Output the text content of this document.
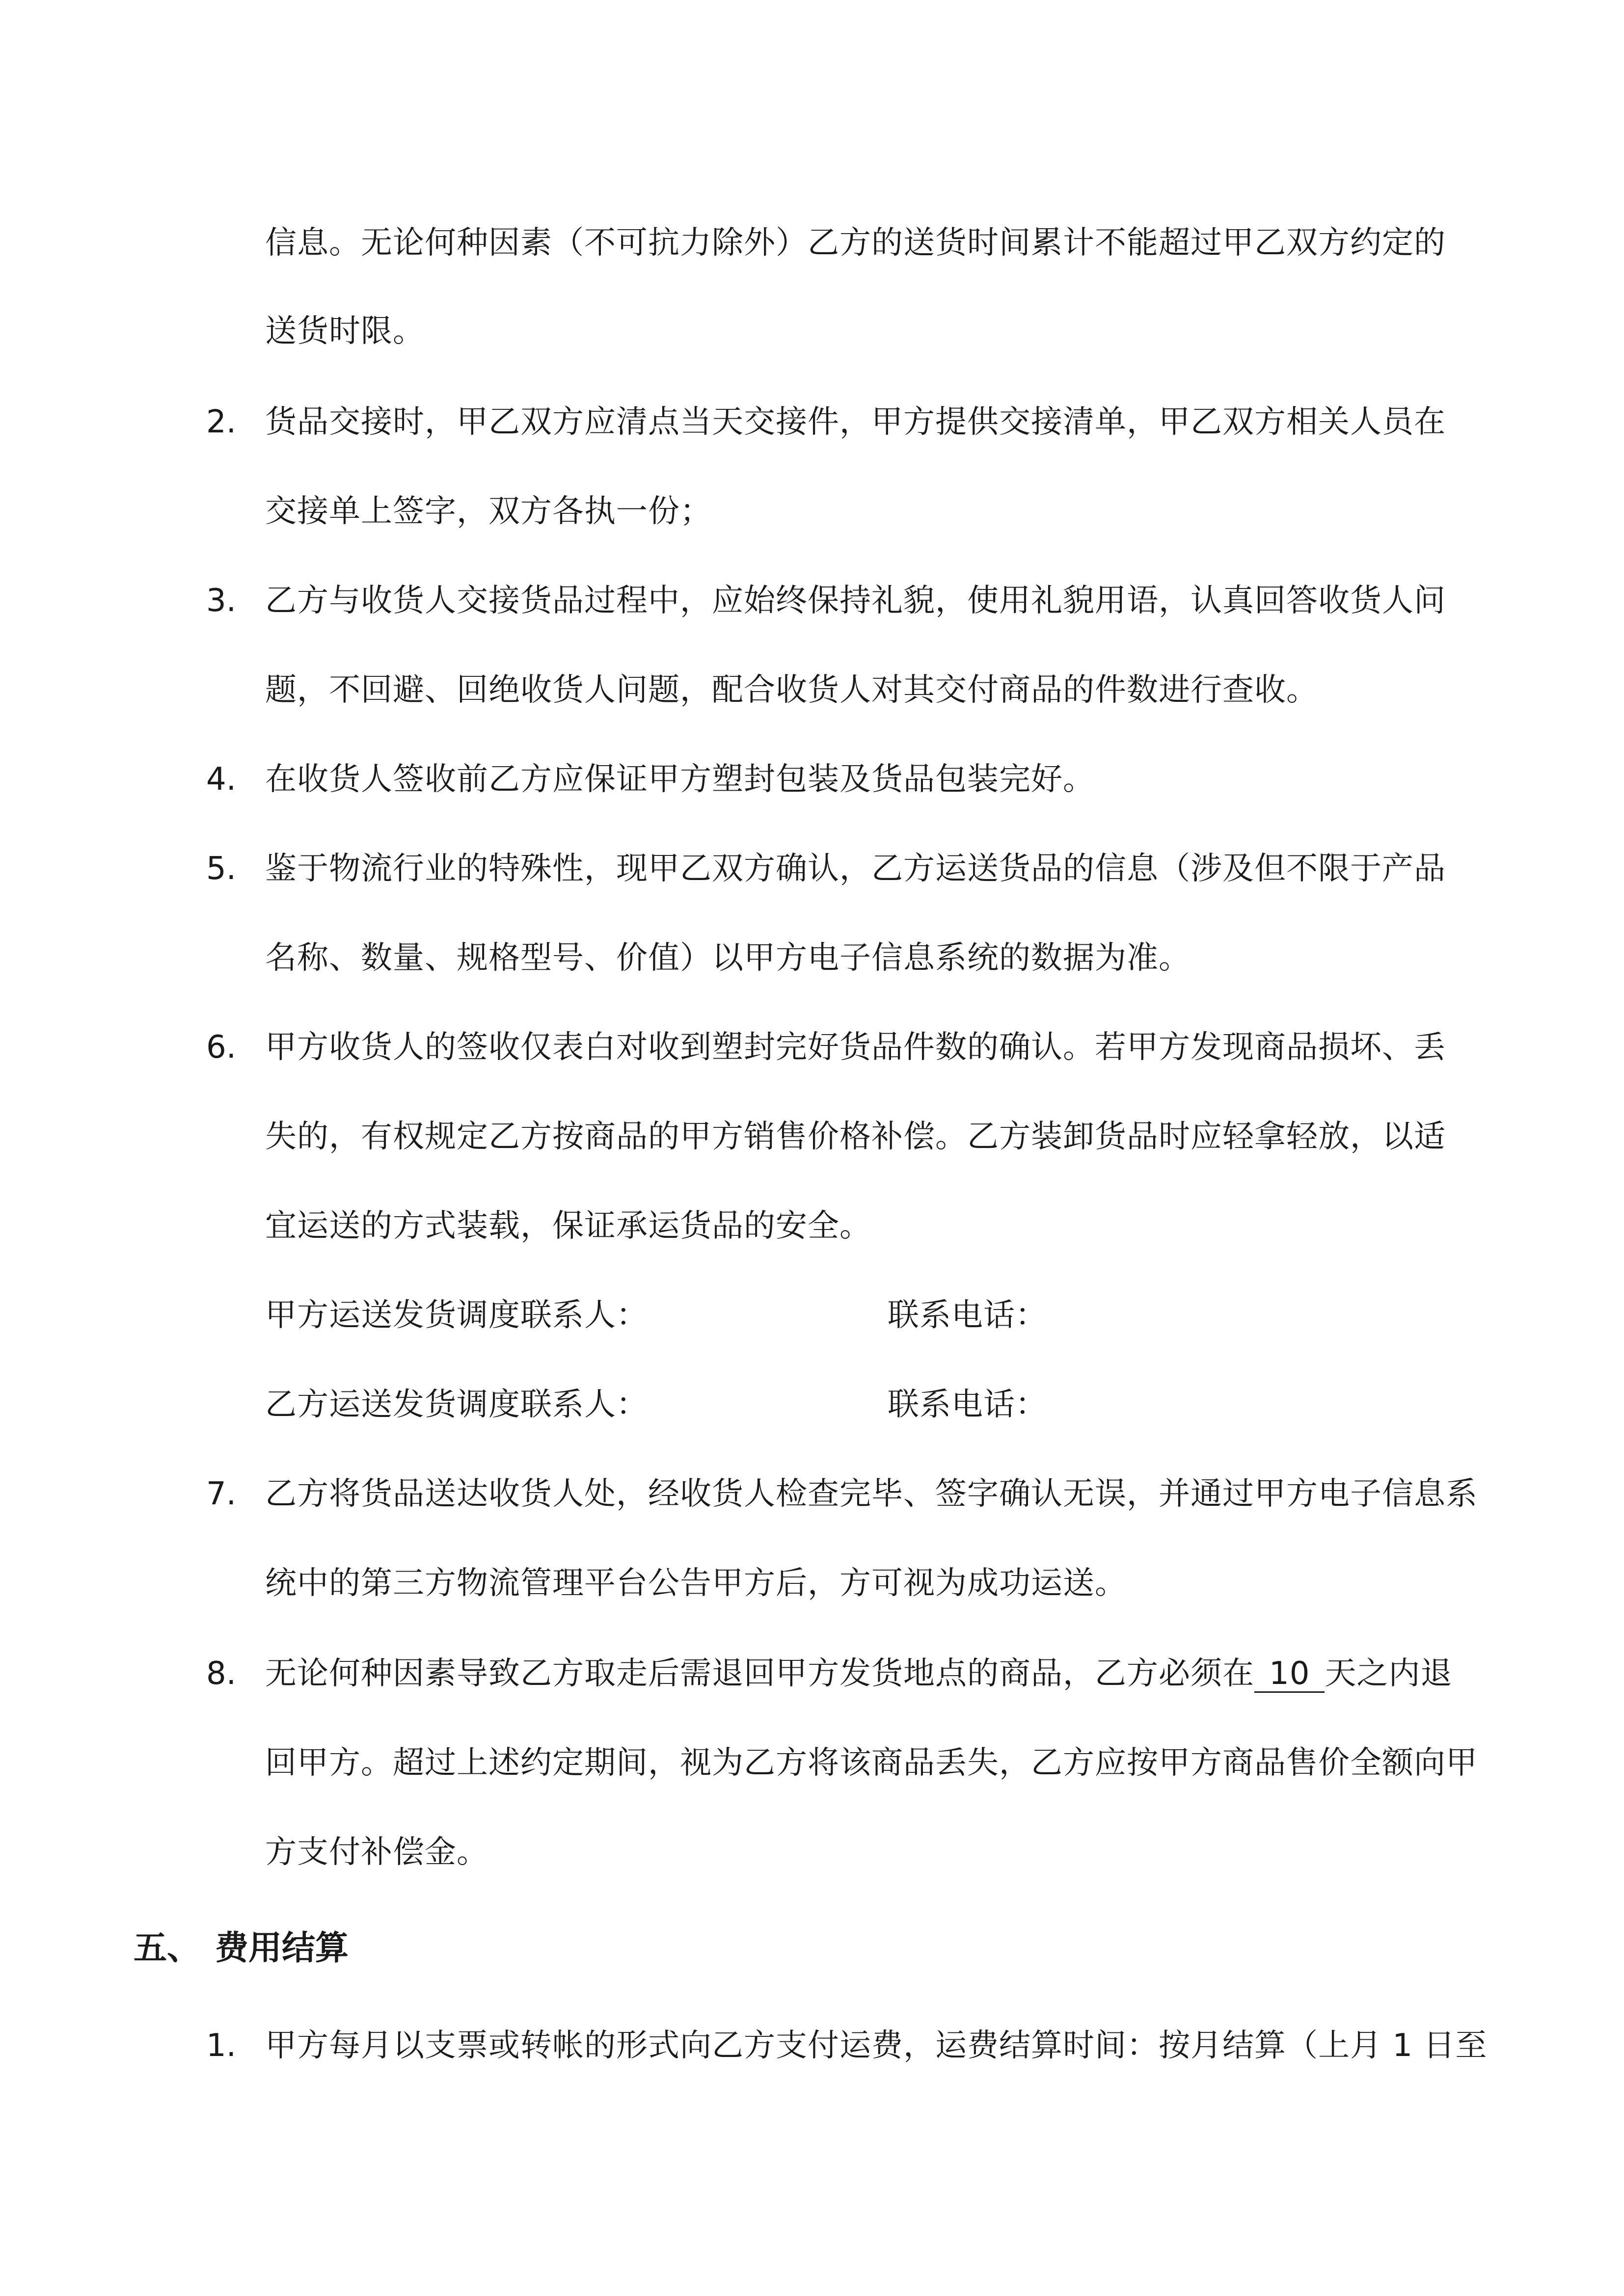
信息。无论何种因素（不可抗力除外）乙方的送货时间累计不能超过甲乙双方约定的
送货时限。
2. 货品交接时，甲乙双方应清点当天交接件，甲方提供交接清单，甲乙双方相关人员在
交接单上签字，双方各执一份；
3. 乙方与收货人交接货品过程中，应始终保持礼貌，使用礼貌用语，认真回答收货人问
题，不回避、回绝收货人问题，配合收货人对其交付商品的件数进行查收。
4. 在收货人签收前乙方应保证甲方塑封包装及货品包装完好。
5. 鉴于物流行业的特殊性，现甲乙双方确认，乙方运送货品的信息（涉及但不限于产品
名称、数量、规格型号、价值）以甲方电子信息系统的数据为准。
6. 甲方收货人的签收仅表白对收到塑封完好货品件数的确认。若甲方发现商品损坏、丢
失的，有权规定乙方按商品的甲方销售价格补偿。乙方装卸货品时应轻拿轻放，以适
宜运送的方式装载，保证承运货品的安全。
甲方运送发货调度联系人：	联系电话：
乙方运送发货调度联系人：	联系电话：
7. 乙方将货品送达收货人处，经收货人检查完毕、签字确认无误，并通过甲方电子信息系
统中的第三方物流管理平台公告甲方后，方可视为成功运送。
8. 无论何种因素导致乙方取走后需退回甲方发货地点的商品，乙方必须在 10 天之内退
回甲方。超过上述约定期间，视为乙方将该商品丢失，乙方应按甲方商品售价全额向甲
方支付补偿金。
五、 费用结算
1. 甲方每月以支票或转帐的形式向乙方支付运费，运费结算时间：按月结算（上月 1 日至
